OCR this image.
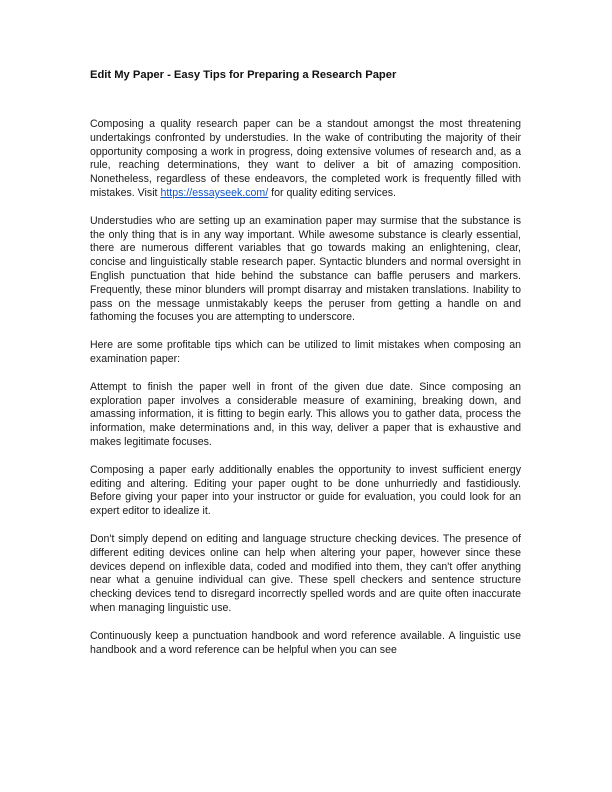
Edit My Paper - Easy Tips for Preparing a Research Paper

Composing a quality research paper can be a standout amongst the most threatening undertakings confronted by understudies. In the wake of contributing the majority of their opportunity composing a work in progress, doing extensive volumes of research and, as a rule, reaching determinations, they want to deliver a bit of amazing composition. Nonetheless, regardless of these endeavors, the completed work is frequently filled with mistakes. Visit https://essayseek.com/ for quality editing services.

Understudies who are setting up an examination paper may surmise that the substance is the only thing that is in any way important. While awesome substance is clearly essential, there are numerous different variables that go towards making an enlightening, clear, concise and linguistically stable research paper. Syntactic blunders and normal oversight in English punctuation that hide behind the substance can baffle perusers and markers. Frequently, these minor blunders will prompt disarray and mistaken translations. Inability to pass on the message unmistakably keeps the peruser from getting a handle on and fathoming the focuses you are attempting to underscore.

Here are some profitable tips which can be utilized to limit mistakes when composing an examination paper:

Attempt to finish the paper well in front of the given due date. Since composing an exploration paper involves a considerable measure of examining, breaking down, and amassing information, it is fitting to begin early. This allows you to gather data, process the information, make determinations and, in this way, deliver a paper that is exhaustive and makes legitimate focuses.

Composing a paper early additionally enables the opportunity to invest sufficient energy editing and altering. Editing your paper ought to be done unhurriedly and fastidiously. Before giving your paper into your instructor or guide for evaluation, you could look for an expert editor to idealize it.

Don't simply depend on editing and language structure checking devices. The presence of different editing devices online can help when altering your paper, however since these devices depend on inflexible data, coded and modified into them, they can't offer anything near what a genuine individual can give. These spell checkers and sentence structure checking devices tend to disregard incorrectly spelled words and are quite often inaccurate when managing linguistic use.

Continuously keep a punctuation handbook and word reference available. A linguistic use handbook and a word reference can be helpful when you can see
